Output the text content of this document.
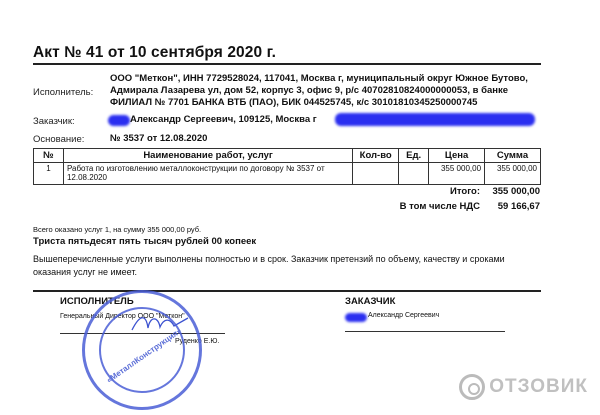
Акт № 41 от 10 сентября 2020 г.
Исполнитель:
ООО "Меткон", ИНН 7729528024, 117041, Москва г, муниципальный округ Южное Бутово,
Адмирала Лазарева ул, дом 52, корпус 3, офис 9, р/с 40702810824000000053, в банке
ФИЛИАЛ № 7701 БАНКА ВТБ (ПАО), БИК 044525745, к/с 30101810345250000745
Заказчик:	Александр Сергеевич, 109125, Москва г
Основание:	№ 3537 от 12.08.2020
№	Наименование работ, услуг	Кол-во	Ед.	Цена	Сумма
1	Работа по изготовлению металлоконструкции по договору № 3537 от 12.08.2020			355 000,00	355 000,00
Итого:	355 000,00
В том числе НДС	59 166,67
Всего оказано услуг 1, на сумму 355 000,00 руб.
Триста пятьдесят пять тысяч рублей 00 копеек
Вышеперечисленные услуги выполнены полностью и в срок. Заказчик претензий по объему, качеству и сроками оказания услуг не имеет.
ИСПОЛНИТЕЛЬ
Генеральный Директор ООО "Меткон"
Руденко Е.Ю.
«МеталлКонструкция»
ЗАКАЗЧИК
Александр Сергеевич
ОТЗОВИК
